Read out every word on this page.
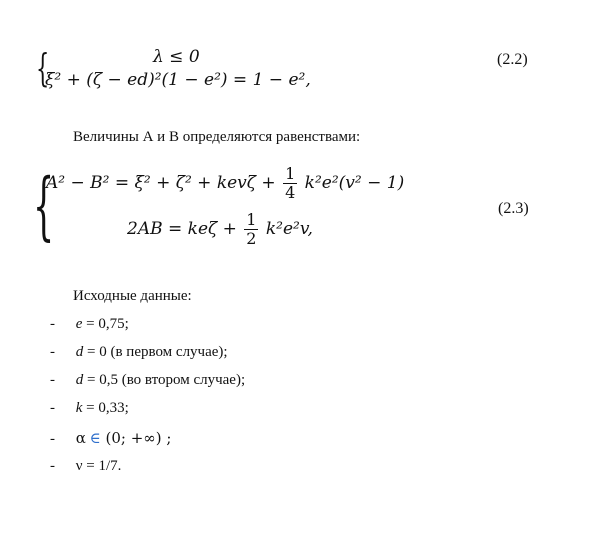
{	λ ≤ 0
ξ² + (ζ − ed)²(1 − e²) = 1 − e²,
(2.2)
Величины А и В определяются равенствами:
{
$A^2 - B^2 = \xi^2 + \zeta^2 + kev\zeta + \frac{1}{4} k^2e^2(v^2 - 1)$
$2AB = ke\zeta + \frac{1}{2} k^2e^2v$,
(2.3)
Исходные данные:
- e = 0,75;
- d = 0 (в первом случае);
- d = 0,5 (во втором случае);
- k = 0,33;
- α ∈ (0; +∞) ;
- ν = 1/7.
